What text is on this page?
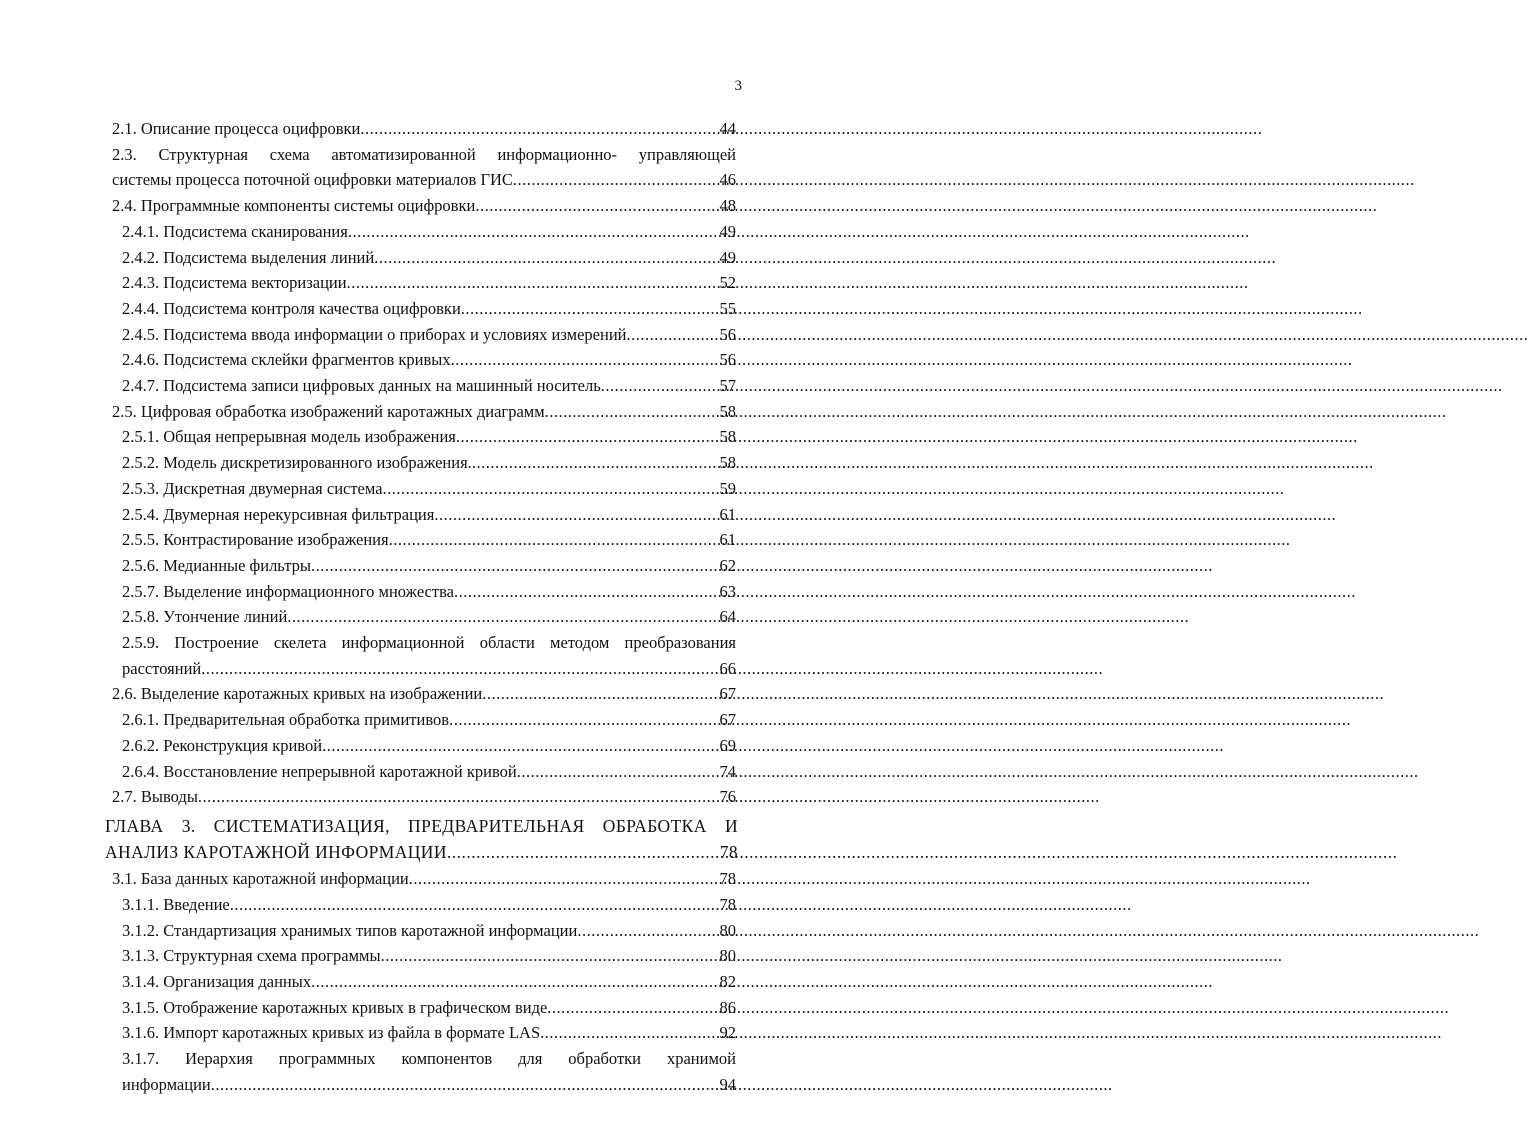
3
2.1. Описание процесса оцифровки .....	44
2.3. Структурная схема автоматизированной информационно- управляющей
системы процесса поточной оцифровки материалов ГИС .....	46
2.4. Программные компоненты системы оцифровки .....	48
2.4.1. Подсистема сканирования .....	49
2.4.2. Подсистема выделения линий .....	49
2.4.3. Подсистема векторизации .....	52
2.4.4. Подсистема контроля качества оцифровки .....	55
2.4.5. Подсистема ввода информации о приборах и условиях измерений .....	56
2.4.6. Подсистема склейки фрагментов кривых .....	56
2.4.7. Подсистема записи цифровых данных на машинный носитель .....	57
2.5. Цифровая обработка изображений каротажных диаграмм .....	58
2.5.1. Общая непрерывная модель изображения .....	58
2.5.2. Модель дискретизированного изображения. .....	58
2.5.3. Дискретная двумерная система .....	59
2.5.4. Двумерная нерекурсивная фильтрация .....	61
2.5.5. Контрастирование изображения .....	61
2.5.6. Медианные фильтры .....	62
2.5.7. Выделение информационного множества .....	63
2.5.8. Утончение линий .....	64
2.5.9. Построение скелета информационной области методом преобразования
расстояний .....	66
2.6. Выделение каротажных кривых на изображении .....	67
2.6.1. Предварительная обработка примитивов .....	67
2.6.2. Реконструкция кривой .....	69
2.6.4. Восстановление непрерывной каротажной кривой .....	74
2.7. Выводы .....	76
ГЛАВА 3. СИСТЕМАТИЗАЦИЯ, ПРЕДВАРИТЕЛЬНАЯ ОБРАБОТКА И
АНАЛИЗ КАРОТАЖНОЙ ИНФОРМАЦИИ .....	78
3.1. База данных каротажной информации .....	78
3.1.1. Введение .....	78
3.1.2. Стандартизация хранимых типов каротажной информации .....	80
3.1.3. Структурная схема программы .....	80
3.1.4. Организация данных .....	82
3.1.5. Отображение каротажных кривых в графическом виде .....	86
3.1.6. Импорт каротажных кривых из файла в формате LAS .....	92
3.1.7. Иерархия программных компонентов для обработки хранимой
информации .....	94
